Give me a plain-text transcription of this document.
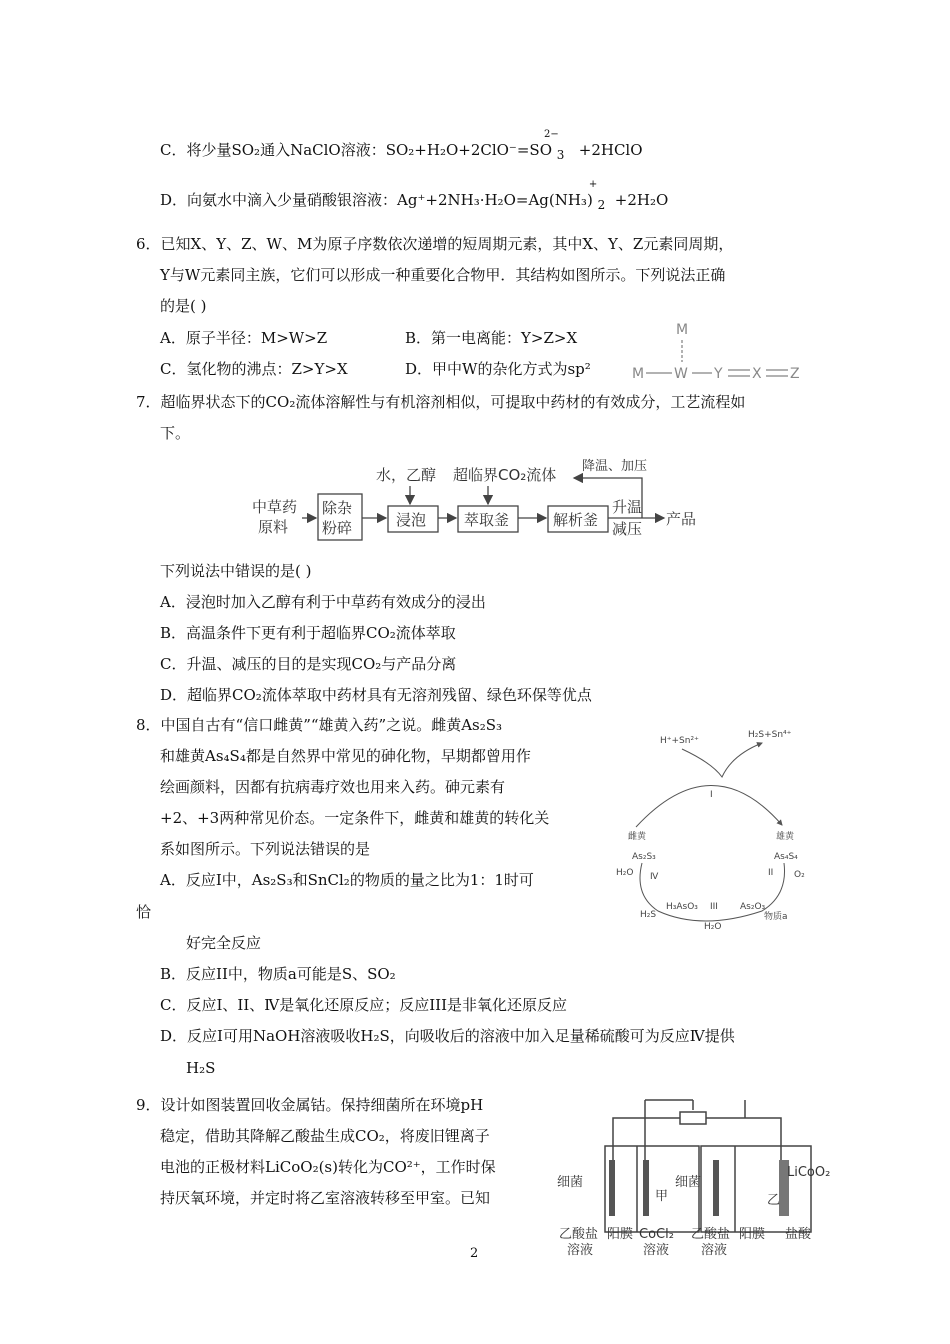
C．将少量SO₂通入NaClO溶液：SO₂+H₂O+2ClO⁻=SO
2−
$_3$ +2HClO
D．向氨水中滴入少量硝酸银溶液：Ag⁺+2NH₃·H₂O=Ag(NH₃)
+
$_2$ +2H₂O
6．已知X、Y、Z、W、M为原子序数依次递增的短周期元素，其中X、Y、Z元素同周期，
Y与W元素同主族，它们可以形成一种重要化合物甲．其结构如图所示。下列说法正确
的是( )
A．原子半径：M>W>Z	B．第一电离能：Y>Z>X
C．氢化物的沸点：Z>Y>X	D．甲中W的杂化方式为sp²
M
M W Y X Z
7．超临界状态下的CO₂流体溶解性与有机溶剂相似，可提取中药材的有效成分，工艺流程如
下。
中草药
原料
除杂
粉碎	浸泡
水，乙醇
萃取釜
超临界CO₂流体
解析釜
升温
减压
产品
降温、加压
下列说法中错误的是( )
A．浸泡时加入乙醇有利于中草药有效成分的浸出
B．高温条件下更有利于超临界CO₂流体萃取
C．升温、减压的目的是实现CO₂与产品分离
D．超临界CO₂流体萃取中药材具有无溶剂残留、绿色环保等优点
8．中国自古有“信口雌黄”“雄黄入药”之说。雌黄As₂S₃
和雄黄As₄S₄都是自然界中常见的砷化物，早期都曾用作
绘画颜料，因都有抗病毒疗效也用来入药。砷元素有
+2、+3两种常见价态。一定条件下，雌黄和雄黄的转化关
系如图所示。下列说法错误的是
A．反应I中，As₂S₃和SnCl₂的物质的量之比为1：1时可
恰
好完全反应
B．反应II中，物质a可能是S、SO₂
C．反应I、II、Ⅳ是氧化还原反应；反应III是非氧化还原反应
D．反应I可用NaOH溶液吸收H₂S，向吸收后的溶液中加入足量稀硫酸可为反应Ⅳ提供
H₂S
H⁺+Sn²⁺
H₂S+Sn⁴⁺
I
雌黄	雄黄
As₂S₃	As₄S₄
H₂O Ⅳ	II O₂
H₂S
H₃AsO₃ III As₂O₃
物质a
H₂O
9．设计如图装置回收金属钴。保持细菌所在环境pH
稳定，借助其降解乙酸盐生成CO₂，将废旧锂离子
电池的正极材料LiCoO₂(s)转化为CO²⁺，工作时保
持厌氧环境，并定时将乙室溶液转移至甲室。已知
细菌
甲
细菌
乙
LiCoO₂
乙酸盐
溶液
阳膜 CoCl₂
溶液
乙酸盐
溶液
阳膜 盐酸
2
